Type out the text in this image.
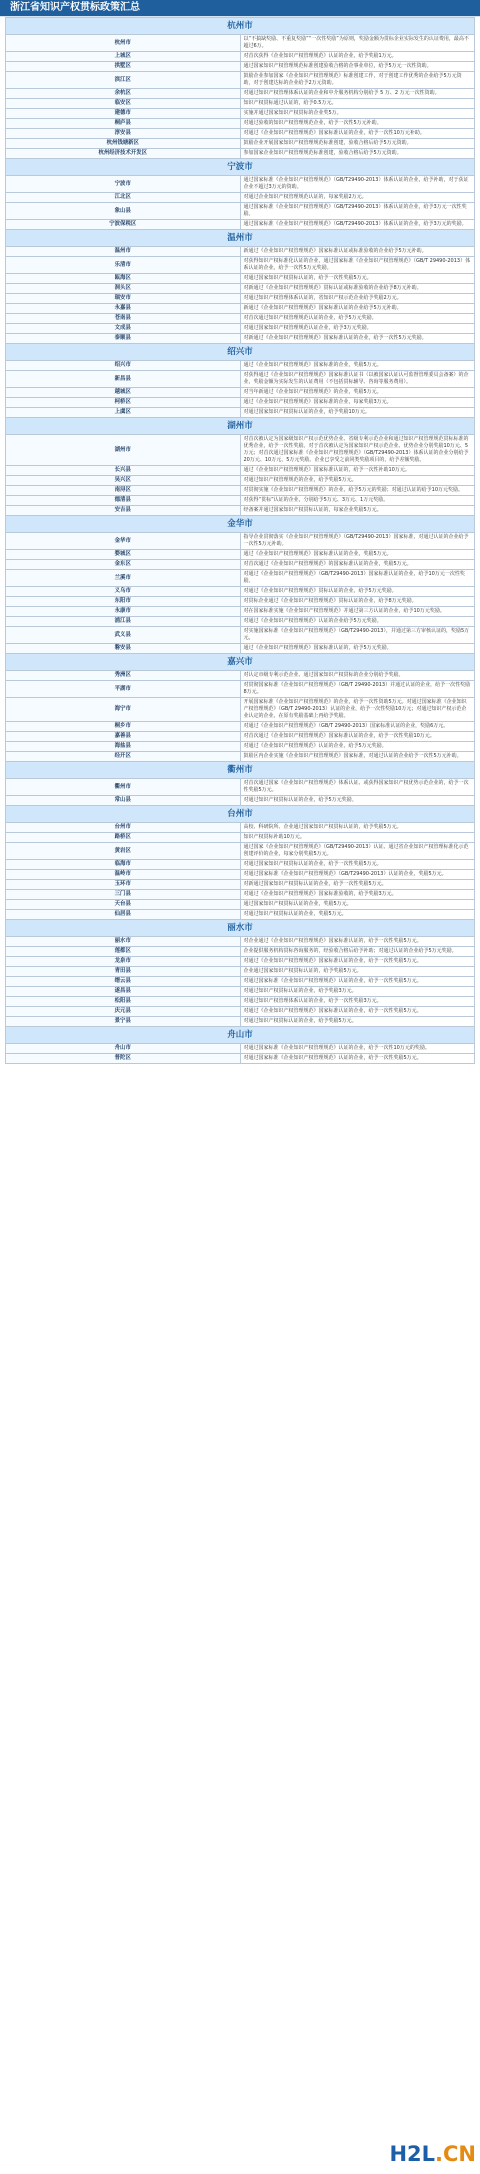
浙江省知识产权贯标政策汇总
杭州市	
杭州市	以“不搞缺奖励、不重复奖励”“一次性奖励”为原则，奖励金额为贯标企业实际发生的认证费用，最高不超过6万。
上城区	对首次获得《企业知识产权管理规范》认证的企业，给予奖励1万元。
拱墅区	通过国家知识产权管理规范标准创建验收合格的企事业单位，给予5万元一次性资助。
滨江区	鼓励企业参加国家《企业知识产权管理规范》标准创建工作，对于创建工作优秀的企业给予5万元资助，对于创建达标的企业给予2万元资助。
余杭区	对通过知识产权管理体系认证的企业和中介服务机构分别给予 5 万、2 万元一次性资助。
临安区	知识产权贯标通过认证的，给予0.5万元。
建德市	实施并通过国家知识产权贯标的企业奖5万。
桐庐县	对通过验收的知识产权管理规范企业，给予一次性5万元补助。
淳安县	对通过《企业知识产权管理规范》国家标准认证的企业，给予一次性10万元补助。
杭州钱塘新区	鼓励企业开展国家知识产权管理规范标准创建，验收合格后给予5万元资助。
杭州经济技术开发区	参加国家企业知识产权管理规范标准创建，验收合格后给予5万元资助。
宁波市	
宁波市	通过国家标准《企业知识产权管理规范》（GB/T29490-2013）体系认证的企业，给予补助，对于获证企业不超过3万元的资助。
江北区	对通过企业知识产权管理规范认证的，每家奖励2万元。
象山县	通过国家标准《企业知识产权管理规范》（GB/T29490-2013）体系认证的企业，给予3万元一次性奖励。
宁波保税区	通过国家标准《企业知识产权管理规范》（GB/T29490-2013）体系认证的企业，给予3万元的奖励。
温州市	
温州市	新通过《企业知识产权管理规范》国家标准认证或标准验收的企业给予5万元补助。
乐清市	对获得知识产权标准化认证的企业，通过国家标准《企业知识产权管理规范》（GB/T 29490-2013）体系认证的企业，给予一次性5万元奖励。
瓯海区	对通过国家知识产权贯标认证的，给予一次性奖励5万元。
洞头区	对新通过《企业知识产权管理规范》贯标认证或标准验收的企业给予8万元补助。
瑞安市	对通过知识产权管理体系认证的，省知识产权示范企业给予奖励2万元。
永嘉县	新通过《企业知识产权管理规范》国家标准认证的企业给予5万元补助。
苍南县	对首次通过知识产权管理规范认证的企业，给予5万元奖励。
文成县	对通过国家知识产权管理规范认证企业，给予3万元奖励。
泰顺县	对新通过《企业知识产权管理规范》国家标准认证的企业，给予一次性5万元奖励。
绍兴市	
绍兴市	通过《企业知识产权管理规范》国家标准的企业，奖励5万元。
新昌县	对获得通过《企业知识产权管理规范》国家标准认证书（以被国家认证认可监督管理委员会备案）的企业，奖励金额为实际发生的认证费用（不包括贯标辅导、咨询等服务费用）。
越城区	对当年新通过《企业知识产权管理规范》的企业，奖励5万元。
柯桥区	通过《企业知识产权管理规范》国家标准的企业，每家奖励3万元。
上虞区	对通过国家知识产权贯标认证的企业，给予奖励10万元。
湖州市	
湖州市	对首次被认定为国家级知识产权示范优势企业、省级专利示范企业和通过知识产权管理规范贯标标准的优秀企业，给予一次性奖励。对于首次被认定为国家知识产权示范企业、优势企业分别奖励10万元、5万元；对首次通过国家标准《企业知识产权管理规范》（GB/T29490-2013）体系认证的企业分别给予20万元、10万元、5万元奖励。企业已享受之前同类奖励项目的，给予差额奖励。
长兴县	通过《企业知识产权管理规范》国家标准认证的，给予一次性补助10万元。
吴兴区	对通过知识产权管理规范的企业，给予奖励5万元。
南浔区	对贯彻实施《企业知识产权管理规范》的企业，给予5万元的奖励；对通过认证的给予10万元奖励。
德清县	对获得“贯标”认证的企业，分别给予5万元、3万元、1万元奖励。
安吉县	经备案并通过国家知识产权贯标认证的，每家企业奖励5万元。
金华市	
金华市	指导企业贯彻落实《企业知识产权管理规范》（GB/T29490-2013）国家标准，对通过认证的企业给予一次性5万元补助。
婺城区	通过《企业知识产权管理规范》国家标准认证的企业，奖励5万元。
金东区	对首次通过《企业知识产权管理规范》的国家标准认证的企业，奖励5万元。
兰溪市	对通过《企业知识产权管理规范》（GB/T29490-2013）国家标准认证的企业，给予10万元一次性奖励。
义乌市	对通过《企业知识产权管理规范》贯标认证的企业，给予5万元奖励。
东阳市	对贯标企业通过《企业知识产权管理规范》贯标认证的企业，给予8万元奖励。
永康市	对在国家标准实施《企业知识产权管理规范》并通过第三方认证的企业，给予10万元奖励。
浦江县	对通过《企业知识产权管理规范》认证的企业给予5万元奖励。
武义县	对实施国家标准《企业知识产权管理规范》（GB/T29490-2013），并通过第三方审核认证的，奖励5万元。
磐安县	通过《企业知识产权管理规范》国家标准认证的，给予5万元奖励。
嘉兴市	
秀洲区	对认定市级专利示范企业、通过国家知识产权贯标的企业分别给予奖励。
平湖市	对贯彻国家标准《企业知识产权管理规范》（GB/T 29490-2013）并通过认证的企业，给予一次性奖励8万元。
海宁市	开展国家标准《企业知识产权管理规范》的企业，给予一次性资助5万元。对通过国家标准《企业知识产权管理规范》（GB/T 29490-2013）认证的企业，给予一次性奖励10万元；对通过知识产权示范企业认定的企业，在原有奖励基础上再给予奖励。
桐乡市	对通过《企业知识产权管理规范》（GB/T 29490-2013）国家标准认证的企业，奖励6万元。
嘉善县	对首次通过《企业知识产权管理规范》国家标准认证的企业，给予一次性奖励10万元。
海盐县	对通过《企业知识产权管理规范》认证的企业，给予5万元奖励。
经开区	鼓励区内企业实施《企业知识产权管理规范》国家标准，对通过认证的企业给予一次性5万元补助。
衢州市	
衢州市	对首次通过国家《企业知识产权管理规范》体系认证、或获得国家知识产权优势示范企业的，给予一次性奖励5万元。
常山县	对通过知识产权贯标认证的企业，给予5万元奖励。
台州市	
台州市	高校、科研院所、企业通过国家知识产权贯标认证的，给予奖励5万元。
路桥区	知识产权贯标补助10万元。
黄岩区	通过国家《企业知识产权管理规范》（GB/T29490-2013）认证、通过省企业知识产权管理标准化示范创建评价的企业，每家分别奖励5万元。
临海市	对通过国家知识产权贯标认证的企业，给予一次性奖励5万元。
温岭市	对通过国家标准《企业知识产权管理规范》（GB/T29490-2013）认证的企业，奖励5万元。
玉环市	对新通过国家知识产权贯标认证的企业，给予一次性奖励5万元。
三门县	对通过《企业知识产权管理规范》国家标准验收的，给予奖励3万元。
天台县	通过国家知识产权贯标认证的企业，奖励5万元。
仙居县	对通过知识产权贯标认证的企业，奖励5万元。
丽水市	
丽水市	对企业通过《企业知识产权管理规范》国家标准认证的，给予一次性奖励5万元。
莲都区	企业提供服务机构贯标咨询服务的，经验收合格后给予补助；对通过认证的企业给予5万元奖励。
龙泉市	对通过《企业知识产权管理规范》国家标准认证的企业，给予一次性奖励5万元。
青田县	企业通过国家知识产权贯标认证的，给予奖励5万元。
缙云县	对通过国家标准《企业知识产权管理规范》认证的企业，给予一次性奖励5万元。
遂昌县	对通过知识产权贯标认证的企业，给予奖励3万元。
松阳县	对通过知识产权管理体系认证的企业，给予一次性奖励3万元。
庆元县	对通过《企业知识产权管理规范》国家标准认证的企业，给予一次性奖励5万元。
景宁县	对通过知识产权贯标认证的企业，给予奖励5万元。
舟山市	
舟山市	对通过国家标准《企业知识产权管理规范》认证的企业，给予一次性10万元的奖励。
普陀区	对通过国家标准《企业知识产权管理规范》认证的企业，给予一次性奖励5万元。
H2L . CN
